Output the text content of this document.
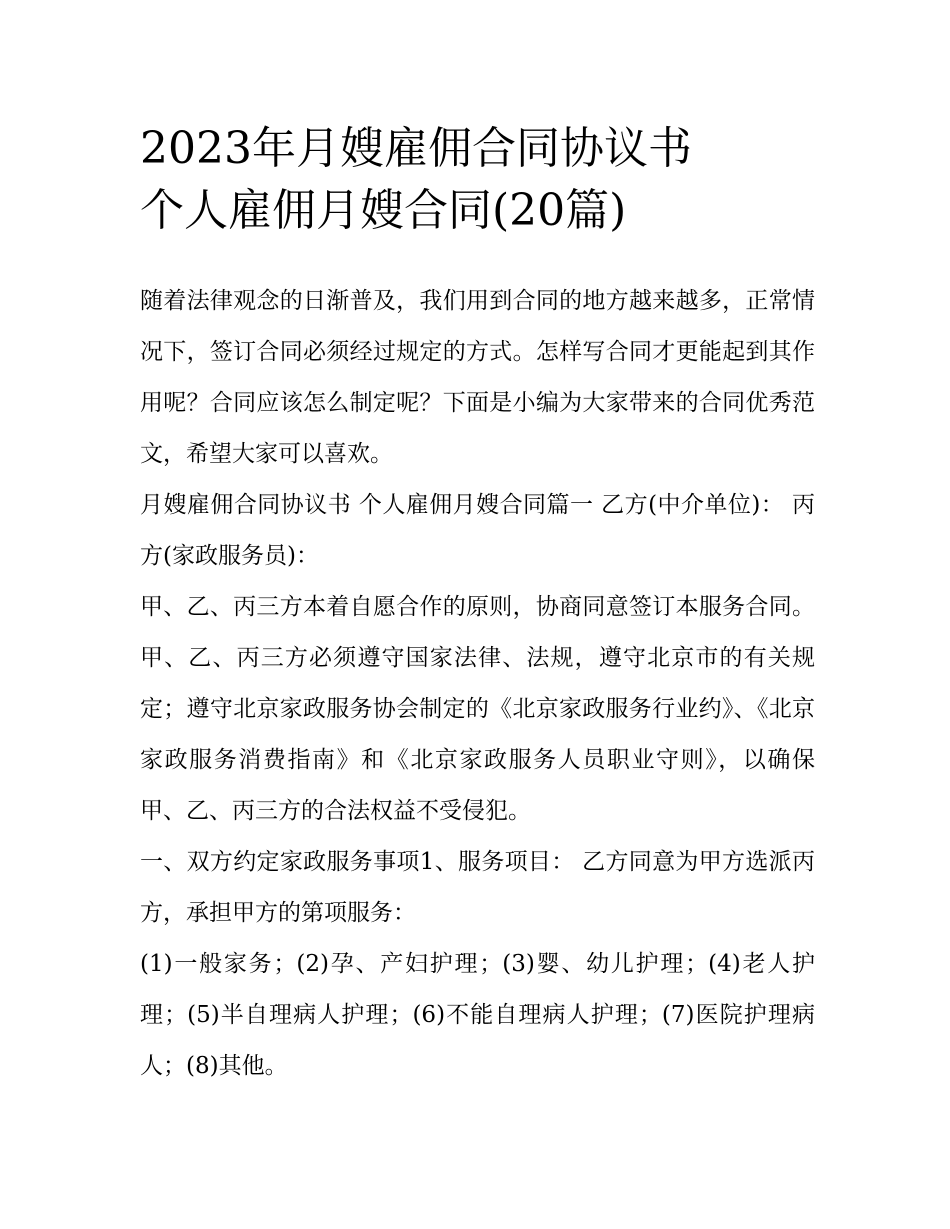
2023年月嫂雇佣合同协议书
个人雇佣月嫂合同(20篇)

随着法律观念的日渐普及，我们用到合同的地方越来越多，正常情况下，签订合同必须经过规定的方式。怎样写合同才更能起到其作用呢？合同应该怎么制定呢？下面是小编为大家带来的合同优秀范文，希望大家可以喜欢。

月嫂雇佣合同协议书 个人雇佣月嫂合同篇一 乙方(中介单位)： 丙方(家政服务员)：

甲、乙、丙三方本着自愿合作的原则，协商同意签订本服务合同。甲、乙、丙三方必须遵守国家法律、法规，遵守北京市的有关规定；遵守北京家政服务协会制定的《北京家政服务行业约》、《北京家政服务消费指南》和《北京家政服务人员职业守则》，以确保甲、乙、丙三方的合法权益不受侵犯。

一、双方约定家政服务事项1、服务项目： 乙方同意为甲方选派丙方，承担甲方的第项服务：

(1)一般家务；(2)孕、产妇护理；(3)婴、幼儿护理；(4)老人护理；(5)半自理病人护理；(6)不能自理病人护理；(7)医院护理病人；(8)其他。
